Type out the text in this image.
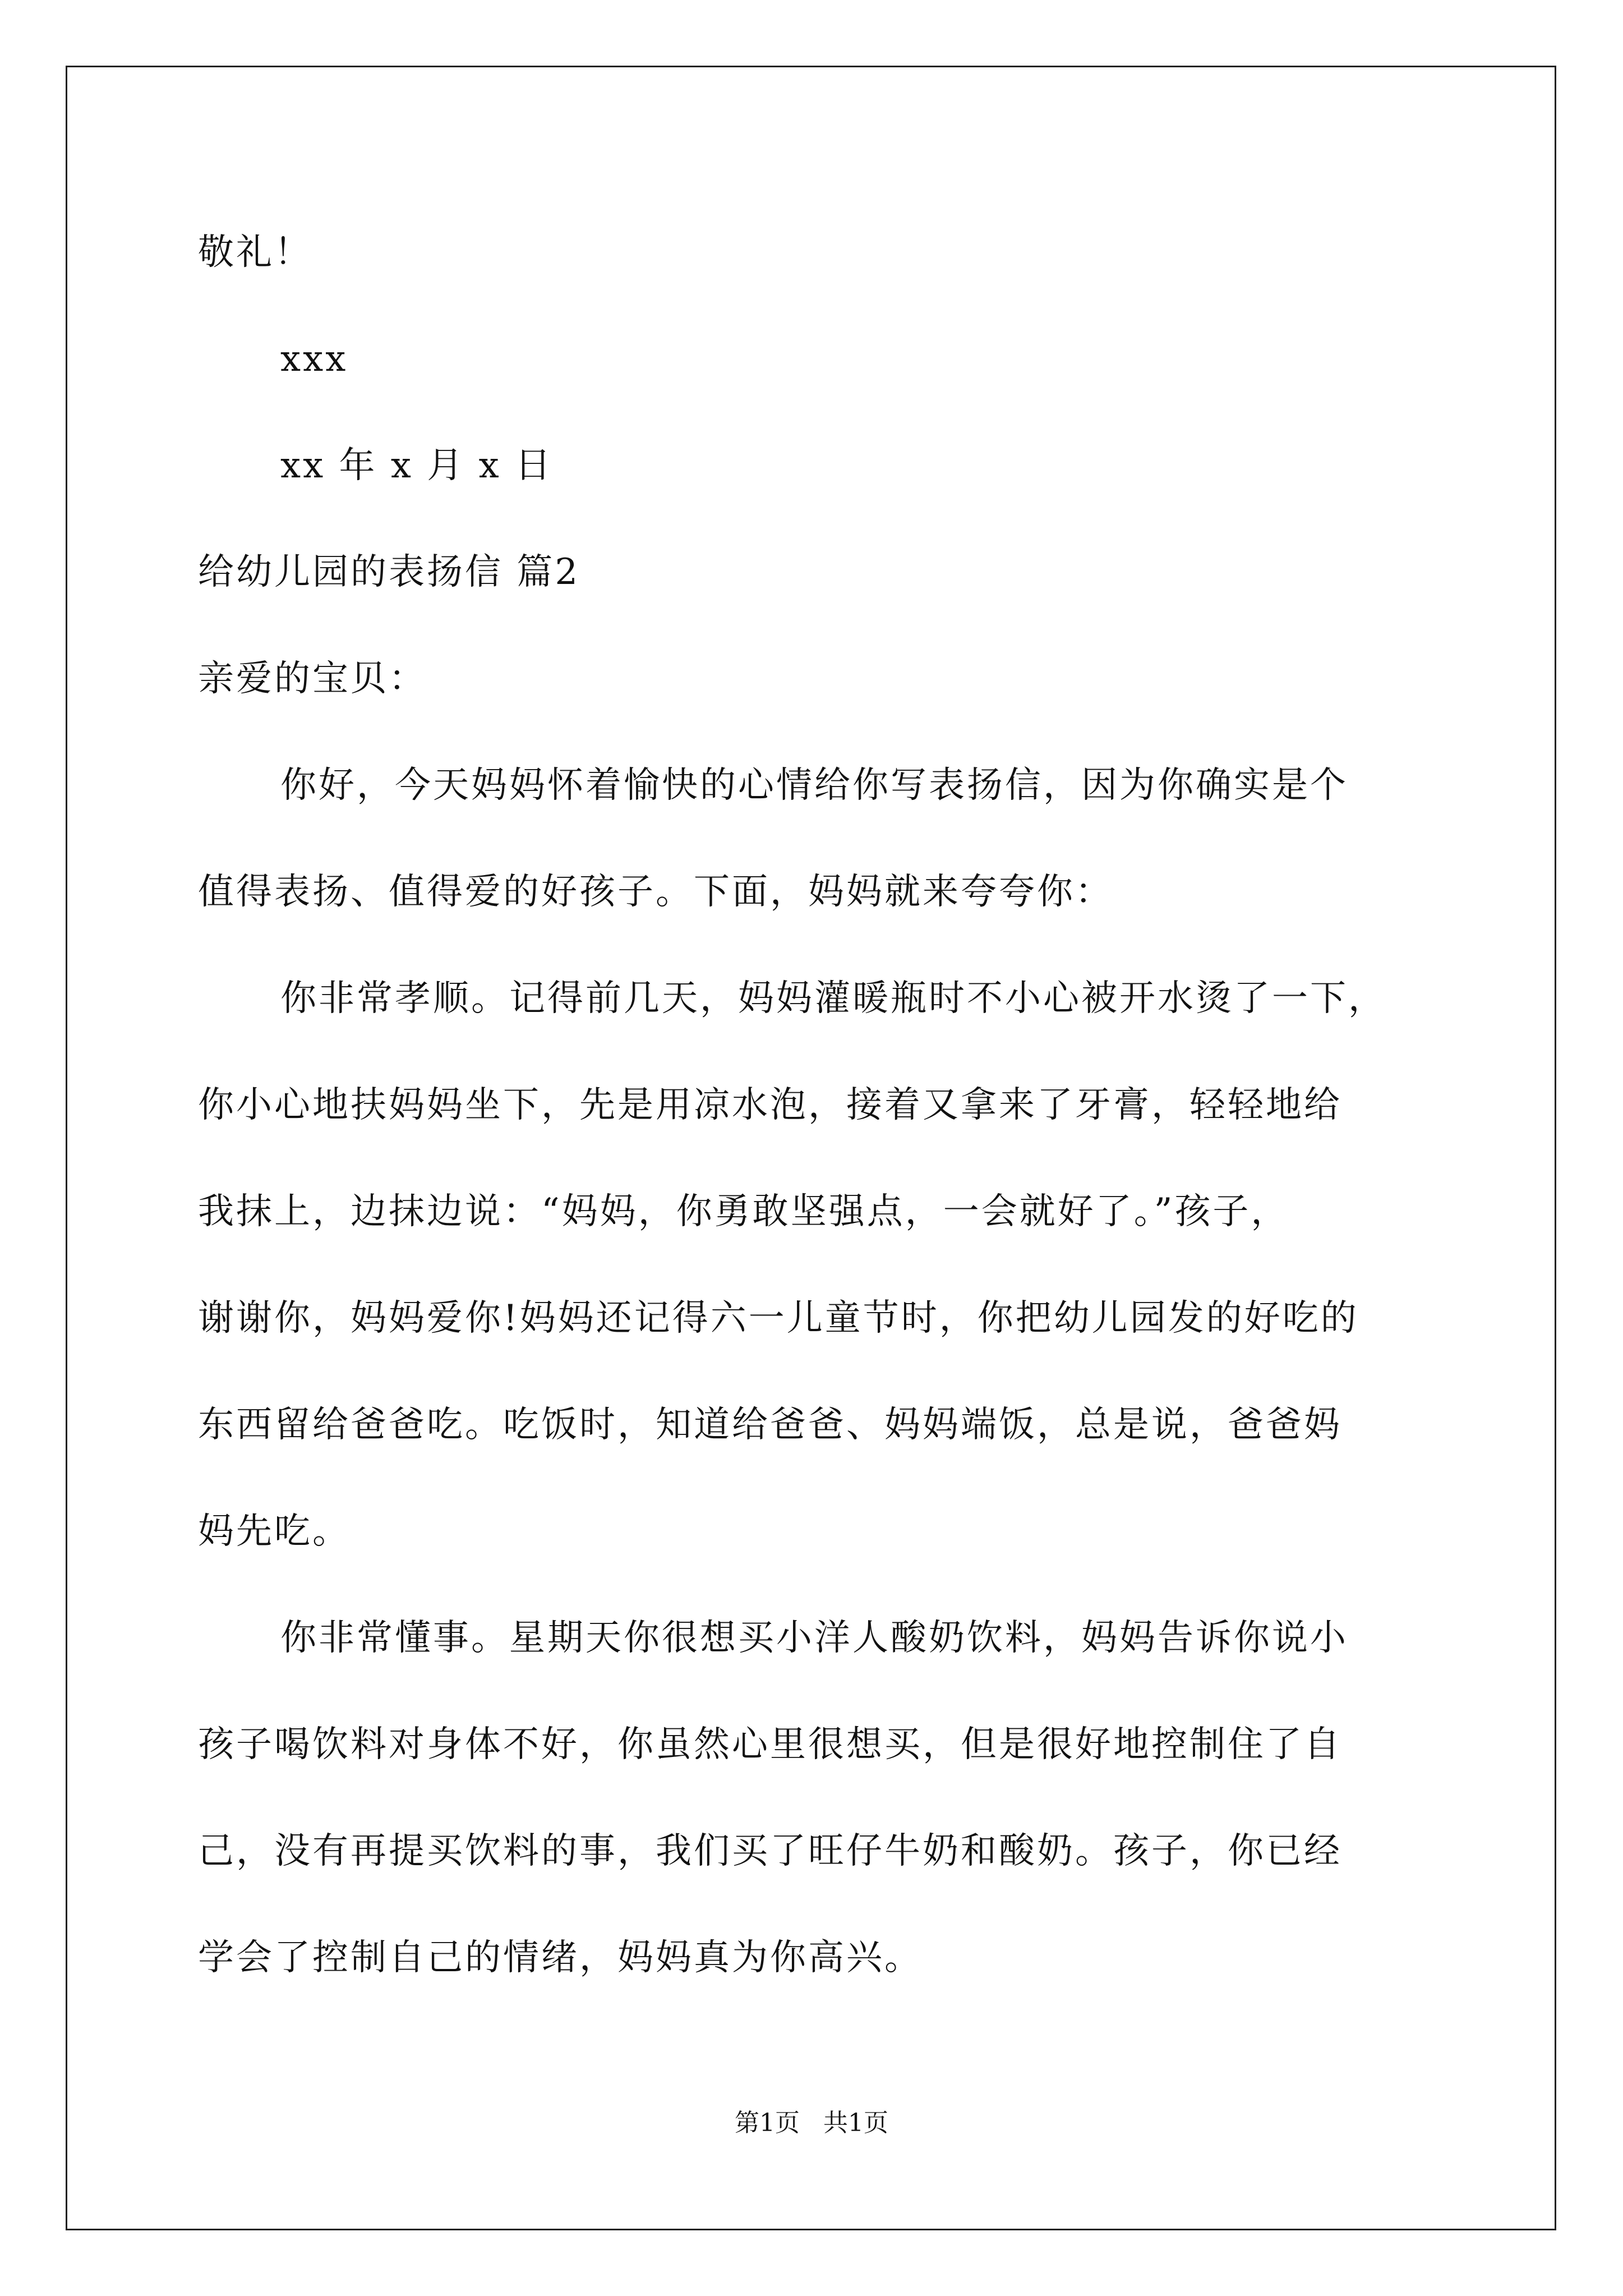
敬礼！
xxx
xx 年 x 月 x 日
给幼儿园的表扬信 篇2
亲爱的宝贝：
你好，今天妈妈怀着愉快的心情给你写表扬信，因为你确实是个
值得表扬、值得爱的好孩子。下面，妈妈就来夸夸你：
你非常孝顺。记得前几天，妈妈灌暖瓶时不小心被开水烫了一下，
你小心地扶妈妈坐下，先是用凉水泡，接着又拿来了牙膏，轻轻地给
我抹上，边抹边说：“妈妈，你勇敢坚强点，一会就好了。”孩子，
谢谢你，妈妈爱你!妈妈还记得六一儿童节时，你把幼儿园发的好吃的
东西留给爸爸吃。吃饭时，知道给爸爸、妈妈端饭，总是说，爸爸妈
妈先吃。
你非常懂事。星期天你很想买小洋人酸奶饮料，妈妈告诉你说小
孩子喝饮料对身体不好，你虽然心里很想买，但是很好地控制住了自
己，没有再提买饮料的事，我们买了旺仔牛奶和酸奶。孩子，你已经
学会了控制自己的情绪，妈妈真为你高兴。
第1页   共1页
